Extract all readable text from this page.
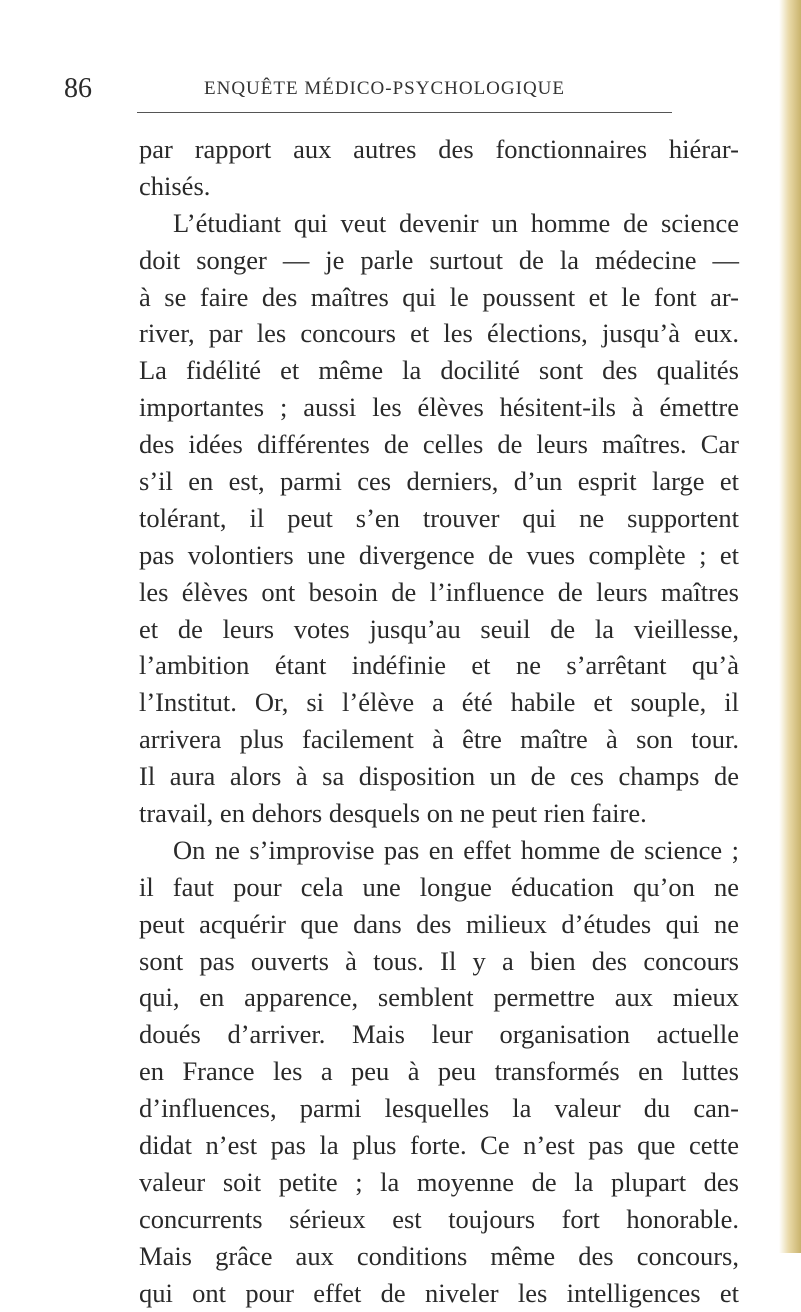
86	ENQUÊTE MÉDICO-PSYCHOLOGIQUE
par rapport aux autres des fonctionnaires hiérar-
chisés.
L’étudiant qui veut devenir un homme de science
doit songer — je parle surtout de la médecine —
à se faire des maîtres qui le poussent et le font ar-
river, par les concours et les élections, jusqu’à eux.
La fidélité et même la docilité sont des qualités
importantes ; aussi les élèves hésitent-ils à émettre
des idées différentes de celles de leurs maîtres. Car
s’il en est, parmi ces derniers, d’un esprit large et
tolérant, il peut s’en trouver qui ne supportent
pas volontiers une divergence de vues complète ; et
les élèves ont besoin de l’influence de leurs maîtres
et de leurs votes jusqu’au seuil de la vieillesse,
l’ambition étant indéfinie et ne s’arrêtant qu’à
l’Institut. Or, si l’élève a été habile et souple, il
arrivera plus facilement à être maître à son tour.
Il aura alors à sa disposition un de ces champs de
travail, en dehors desquels on ne peut rien faire.
On ne s’improvise pas en effet homme de science ;
il faut pour cela une longue éducation qu’on ne
peut acquérir que dans des milieux d’études qui ne
sont pas ouverts à tous. Il y a bien des concours
qui, en apparence, semblent permettre aux mieux
doués d’arriver. Mais leur organisation actuelle
en France les a peu à peu transformés en luttes
d’influences, parmi lesquelles la valeur du can-
didat n’est pas la plus forte. Ce n’est pas que cette
valeur soit petite ; la moyenne de la plupart des
concurrents sérieux est toujours fort honorable.
Mais grâce aux conditions même des concours,
qui ont pour effet de niveler les intelligences et
